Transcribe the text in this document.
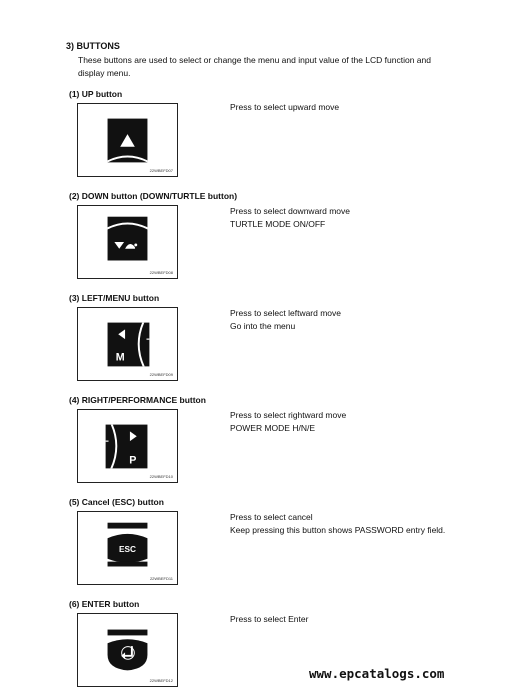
3) BUTTONS
These buttons are used to select or change the menu and input value of the LCD function and
display menu.
(1) UP button
22WBEFD07
Press to select upward move
(2) DOWN button (DOWN/TURTLE button)
22WBEFD08
Press to select downward move
TURTLE MODE ON/OFF
(3) LEFT/MENU button
M
22WBEFD09
Press to select leftward move
Go into the menu
(4) RIGHT/PERFORMANCE button
P
22WBEFD10
Press to select rightward move
POWER MODE H/N/E
(5) Cancel (ESC) button
ESC
22WBEFD11
Press to select cancel
Keep pressing this button shows PASSWORD entry field.
(6) ENTER button
22WBEFD12
Press to select Enter
www.epcatalogs.com
